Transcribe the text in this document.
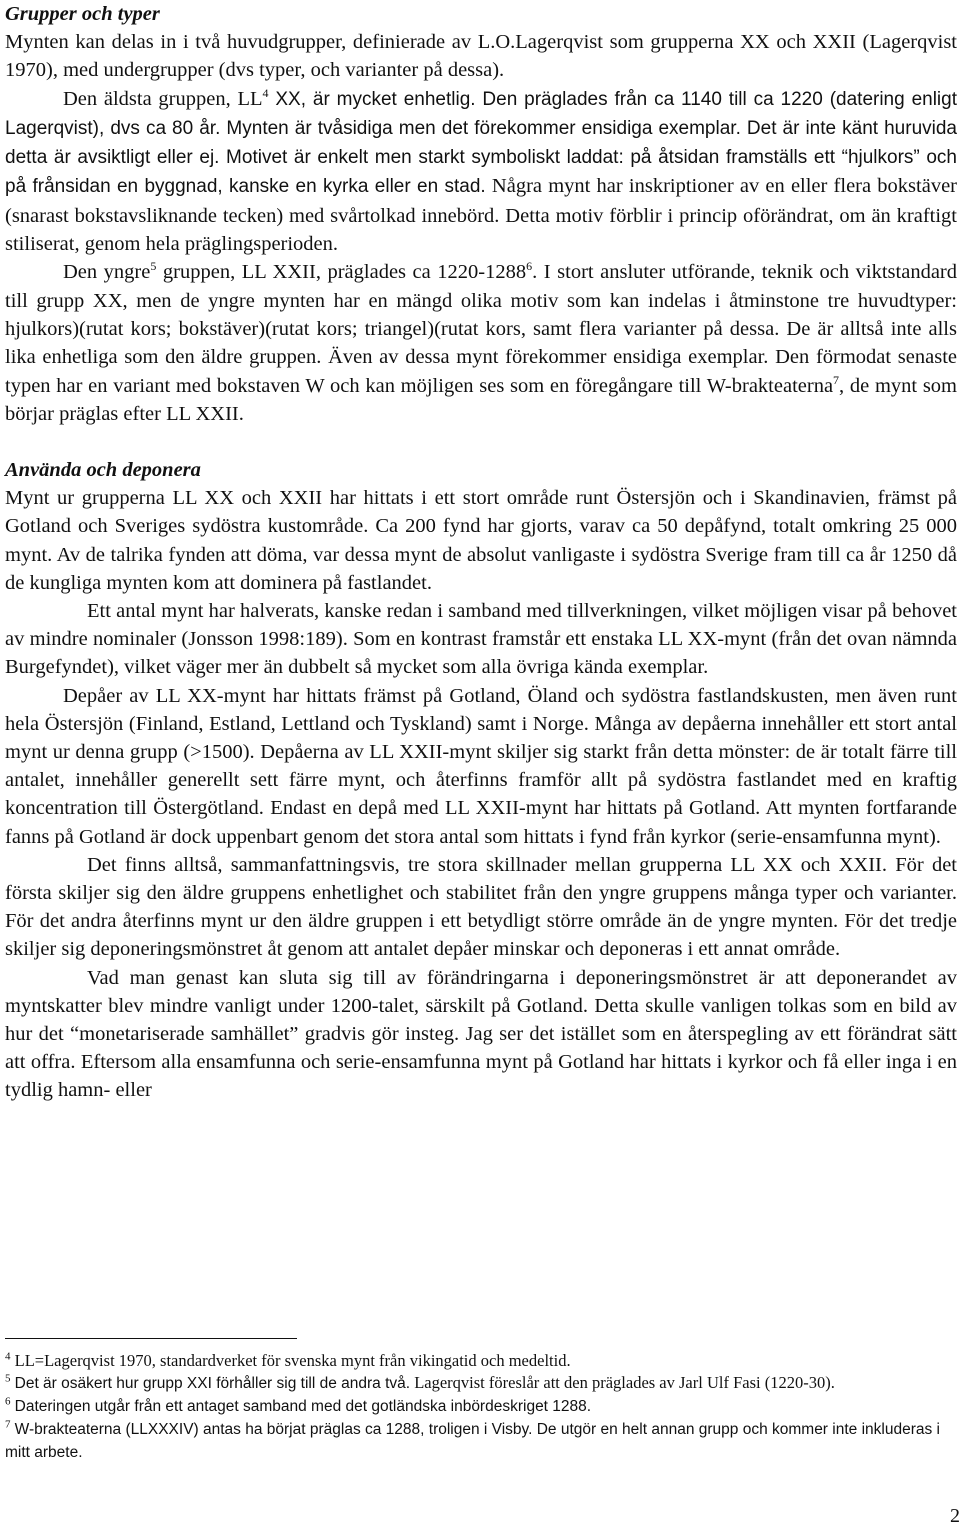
Grupper och typer

Mynten kan delas in i två huvudgrupper, definierade av L.O.Lagerqvist som grupperna XX och XXII (Lagerqvist 1970), med undergrupper (dvs typer, och varianter på dessa).

Den äldsta gruppen, $LL^4$ XX, är mycket enhetlig. Den präglades från ca 1140 till ca 1220 (datering enligt Lagerqvist), dvs ca 80 år. Mynten är tvåsidiga men det förekommer ensidiga exemplar. Det är inte känt huruvida detta är avsiktligt eller ej. Motivet är enkelt men starkt symboliskt laddat: på åtsidan framställs ett “hjulkors” och på frånsidan en byggnad, kanske en kyrka eller en stad. Några mynt har inskriptioner av en eller flera bokstäver (snarast bokstavsliknande tecken) med svårtolkad innebörd. Detta motiv förblir i princip oförändrat, om än kraftigt stiliserat, genom hela präglingsperioden.

Den yngre$^5$ gruppen, LL XXII, präglades ca 1220-1288$^6$. I stort ansluter utförande, teknik och viktstandard till grupp XX, men de yngre mynten har en mängd olika motiv som kan indelas i åtminstone tre huvudtyper: hjulkors)(rutat kors; bokstäver)(rutat kors; triangel)(rutat kors, samt flera varianter på dessa. De är alltså inte alls lika enhetliga som den äldre gruppen. Även av dessa mynt förekommer ensidiga exemplar. Den förmodat senaste typen har en variant med bokstaven W och kan möjligen ses som en föregångare till W-brakteaterna$^7$, de mynt som börjar präglas efter LL XXII.

Använda och deponera

Mynt ur grupperna LL XX och XXII har hittats i ett stort område runt Östersjön och i Skandinavien, främst på Gotland och Sveriges sydöstra kustområde. Ca 200 fynd har gjorts, varav ca 50 depåfynd, totalt omkring 25 000 mynt. Av de talrika fynden att döma, var dessa mynt de absolut vanligaste i sydöstra Sverige fram till ca år 1250 då de kungliga mynten kom att dominera på fastlandet.

Ett antal mynt har halverats, kanske redan i samband med tillverkningen, vilket möjligen visar på behovet av mindre nominaler (Jonsson 1998:189). Som en kontrast framstår ett enstaka LL XX-mynt (från det ovan nämnda Burgefyndet), vilket väger mer än dubbelt så mycket som alla övriga kända exemplar.

Depåer av LL XX-mynt har hittats främst på Gotland, Öland och sydöstra fastlandskusten, men även runt hela Östersjön (Finland, Estland, Lettland och Tyskland) samt i Norge. Många av depåerna innehåller ett stort antal mynt ur denna grupp (>1500). Depåerna av LL XXII-mynt skiljer sig starkt från detta mönster: de är totalt färre till antalet, innehåller generellt sett färre mynt, och återfinns framför allt på sydöstra fastlandet med en kraftig koncentration till Östergötland. Endast en depå med LL XXII-mynt har hittats på Gotland. Att mynten fortfarande fanns på Gotland är dock uppenbart genom det stora antal som hittats i fynd från kyrkor (serie-ensamfunna mynt).

Det finns alltså, sammanfattningsvis, tre stora skillnader mellan grupperna LL XX och XXII. För det första skiljer sig den äldre gruppens enhetlighet och stabilitet från den yngre gruppens många typer och varianter. För det andra återfinns mynt ur den äldre gruppen i ett betydligt större område än de yngre mynten. För det tredje skiljer sig deponeringsmönstret åt genom att antalet depåer minskar och deponeras i ett annat område.

Vad man genast kan sluta sig till av förändringarna i deponeringsmönstret är att deponerandet av myntskatter blev mindre vanligt under 1200-talet, särskilt på Gotland. Detta skulle vanligen tolkas som en bild av hur det “monetariserade samhället” gradvis gör insteg. Jag ser det istället som en återspegling av ett förändrat sätt att offra. Eftersom alla ensamfunna och serie-ensamfunna mynt på Gotland har hittats i kyrkor och få eller inga i en tydlig hamn- eller

$^4$ LL=Lagerqvist 1970, standardverket för svenska mynt från vikingatid och medeltid.

$^5$ Det är osäkert hur grupp XXI förhåller sig till de andra två. Lagerqvist föreslår att den präglades av Jarl Ulf Fasi (1220-30).

$^6$ Dateringen utgår från ett antaget samband med det gotländska inbördeskriget 1288.

$^7$ W-brakteaterna (LLXXXIV) antas ha börjat präglas ca 1288, troligen i Visby. De utgör en helt annan grupp och kommer inte inkluderas i mitt arbete.

2
